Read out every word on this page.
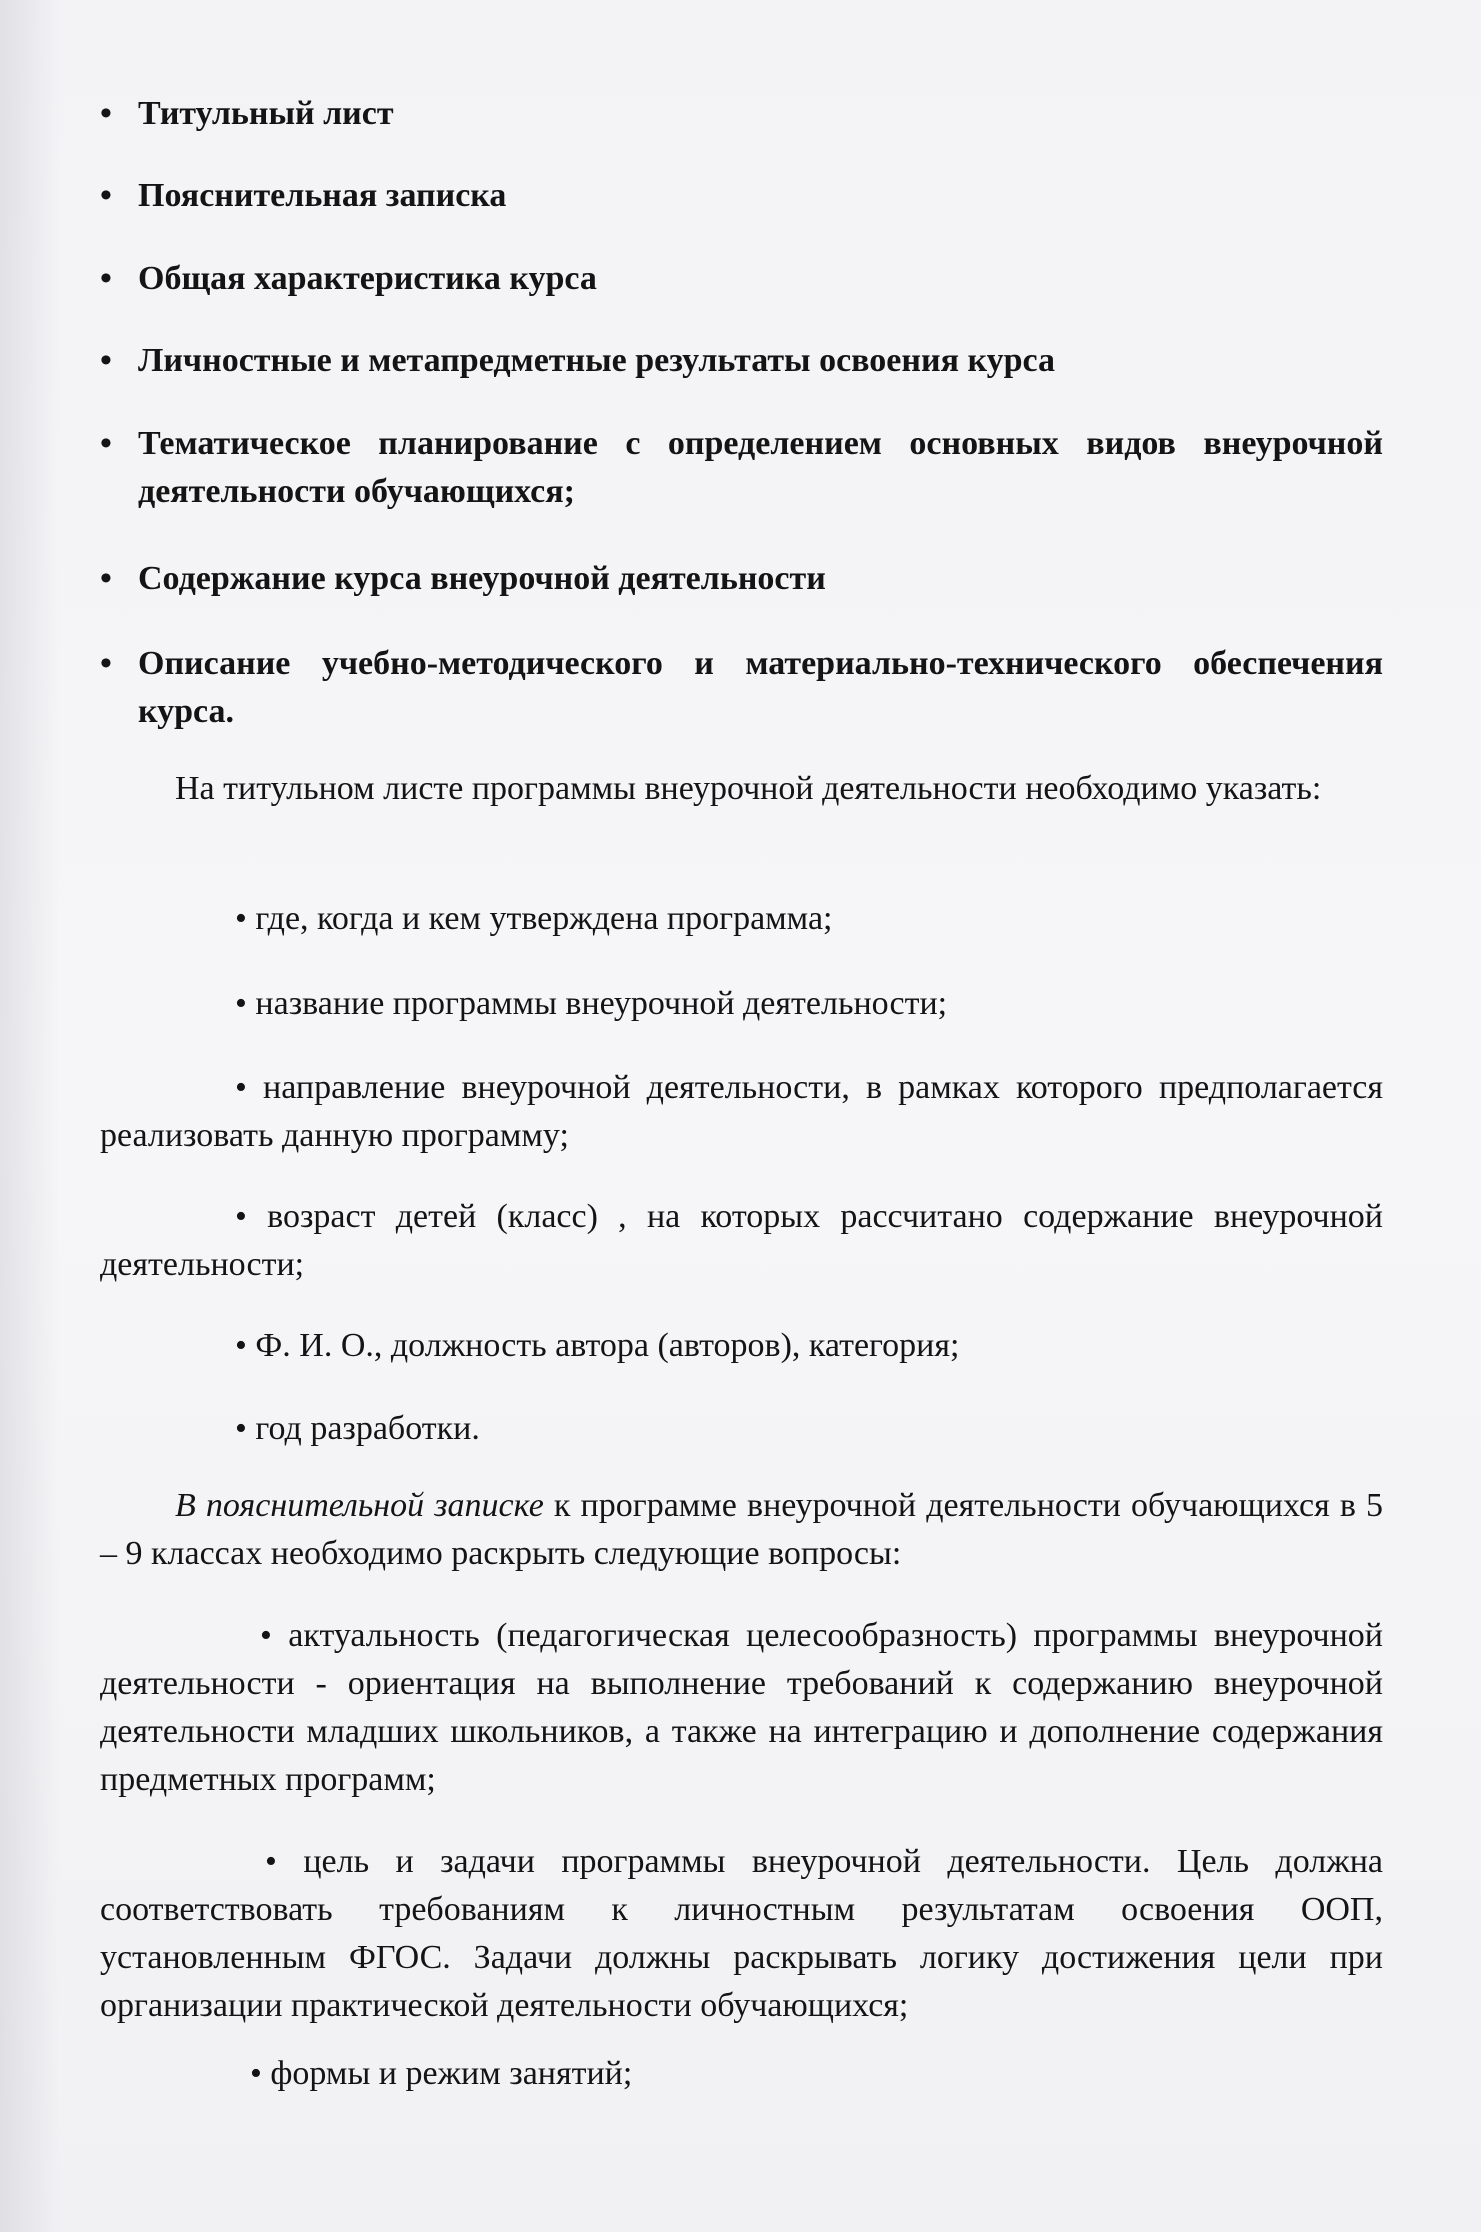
• Титульный лист
• Пояснительная записка
• Общая характеристика курса
• Личностные и метапредметные результаты освоения курса
• Тематическое планирование с определением основных видов внеурочной деятельности обучающихся;
• Содержание курса внеурочной деятельности
• Описание учебно-методического и материально-технического обеспечения курса.
На титульном листе программы внеурочной деятельности необходимо указать:
• где, когда и кем утверждена программа;
• название программы внеурочной деятельности;
• направление внеурочной деятельности, в рамках которого предполагается реализовать данную программу;
• возраст детей (класс) , на которых рассчитано содержание внеурочной деятельности;
• Ф. И. О., должность автора (авторов), категория;
• год разработки.
В пояснительной записке к программе внеурочной деятельности обучающихся в 5 – 9 классах необходимо раскрыть следующие вопросы:
• актуальность (педагогическая целесообразность) программы внеурочной деятельности - ориентация на выполнение требований к содержанию внеурочной деятельности младших школьников, а также на интеграцию и дополнение содержания предметных программ;
• цель и задачи программы внеурочной деятельности. Цель должна соответствовать требованиям к личностным результатам освоения ООП, установленным ФГОС. Задачи должны раскрывать логику достижения цели при организации практической деятельности обучающихся;
• формы и режим занятий;
